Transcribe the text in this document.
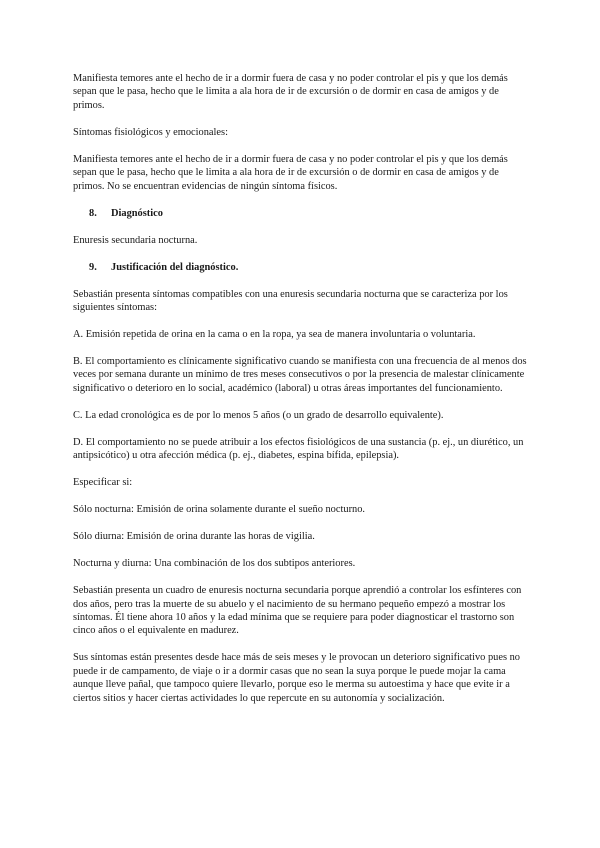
Manifiesta temores ante el hecho de ir a dormir fuera de casa y no poder controlar el pis y que los demás sepan que le pasa, hecho que le limita a ala hora de ir de excursión o de dormir en casa de amigos y de primos.

Síntomas fisiológicos y emocionales:

Manifiesta temores ante el hecho de ir a dormir fuera de casa y no poder controlar el pis y que los demás sepan que le pasa, hecho que le limita a ala hora de ir de excursión o de dormir en casa de amigos y de primos. No se encuentran evidencias de ningún síntoma físicos.

8.	Diagnóstico

Enuresis secundaria nocturna.

9.	Justificación del diagnóstico.

Sebastián presenta síntomas compatibles con una enuresis secundaria nocturna que se caracteriza por los siguientes síntomas:

A. Emisión repetida de orina en la cama o en la ropa, ya sea de manera involuntaria o voluntaria.

B. El comportamiento es clínicamente significativo cuando se manifiesta con una frecuencia de al menos dos veces por semana durante un mínimo de tres meses consecutivos o por la presencia de malestar clínicamente significativo o deterioro en lo social, académico (laboral) u otras áreas importantes del funcionamiento.

C. La edad cronológica es de por lo menos 5 años (o un grado de desarrollo equivalente).

D. El comportamiento no se puede atribuir a los efectos fisiológicos de una sustancia (p. ej., un diurético, un antipsicótico) u otra afección médica (p. ej., diabetes, espina bífida, epilepsia).

Especificar si:

Sólo nocturna: Emisión de orina solamente durante el sueño nocturno.

Sólo diurna: Emisión de orina durante las horas de vigilia.

Nocturna y diurna: Una combinación de los dos subtipos anteriores.

Sebastián presenta un cuadro de enuresis nocturna secundaria porque aprendió a controlar los esfínteres con dos años, pero tras la muerte de su abuelo y el nacimiento de su hermano pequeño empezó a mostrar los síntomas. Él tiene ahora 10 años y la edad mínima que se requiere para poder diagnosticar el trastorno son cinco años o el equivalente en madurez.

Sus síntomas están presentes desde hace más de seis meses y le provocan un deterioro significativo pues no puede ir de campamento, de viaje o ir a dormir casas que no sean la suya porque le puede mojar la cama aunque lleve pañal, que tampoco quiere llevarlo, porque eso le merma su autoestima y hace que evite ir a ciertos sitios y hacer ciertas actividades lo que repercute en su autonomía y socialización.
